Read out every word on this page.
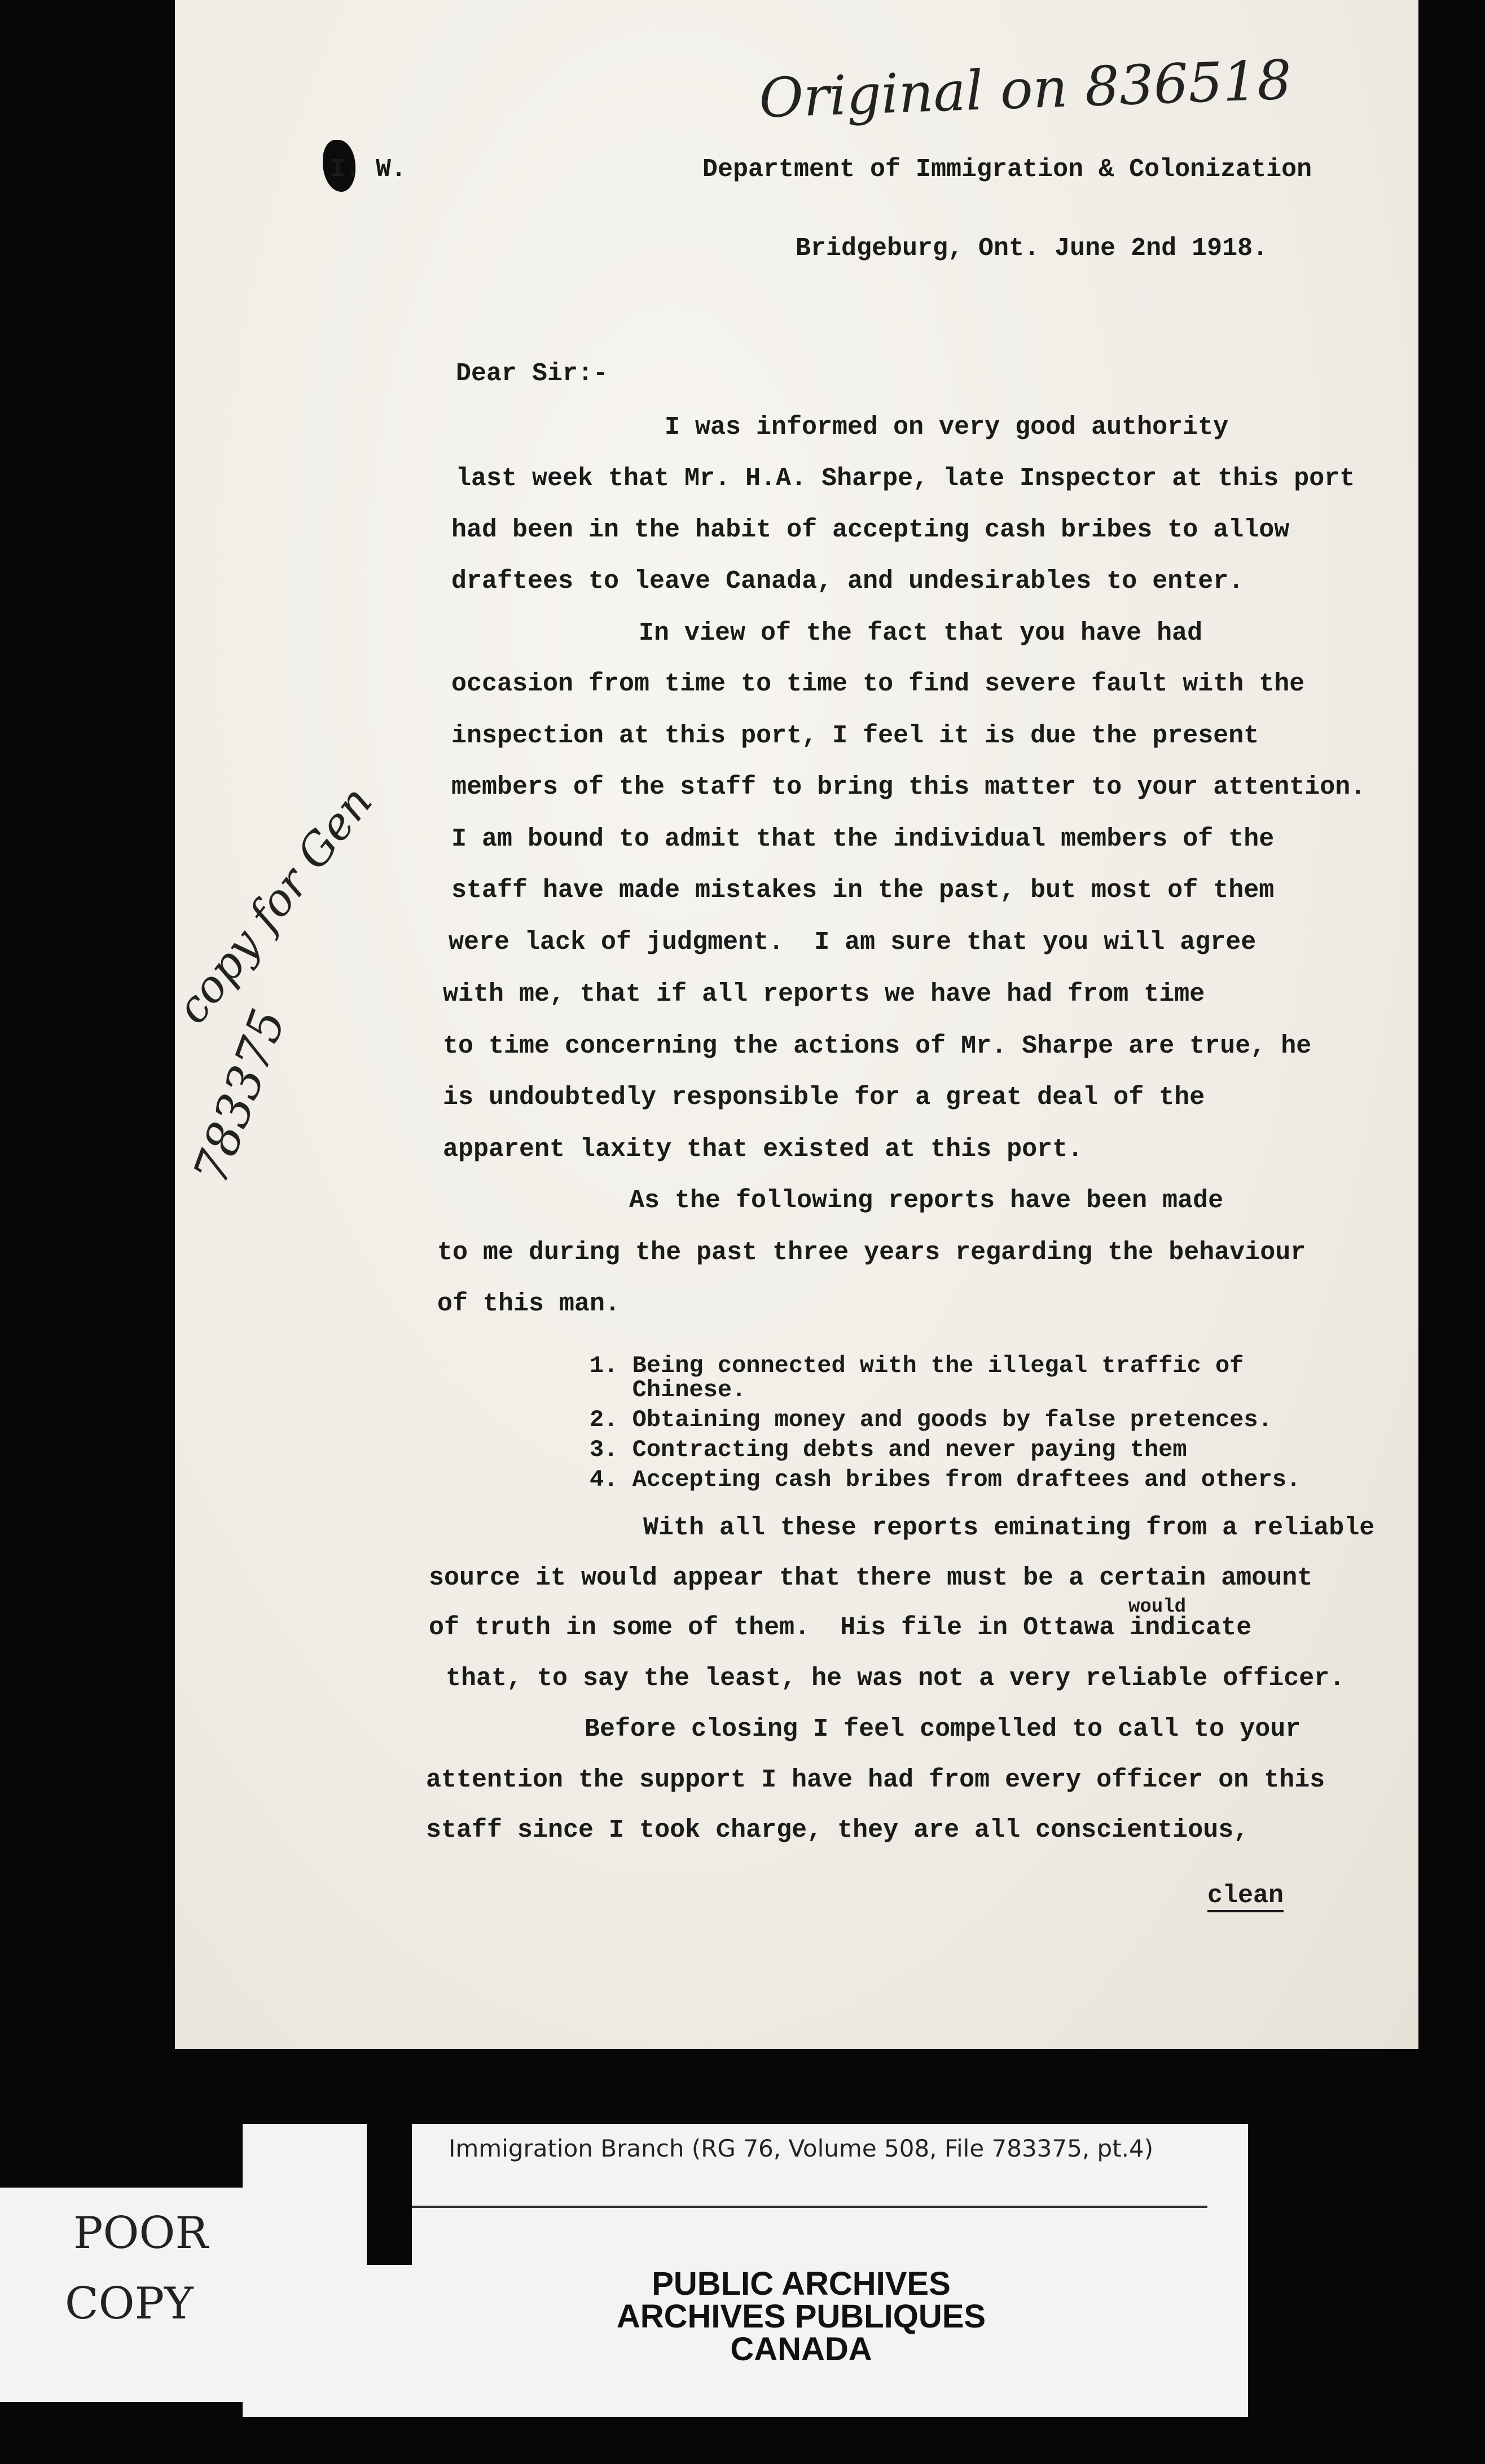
Original on 836518
I. W.	Department of Immigration & Colonization
Bridgeburg, Ont. June 2nd 1918.
Dear Sir:-
I was informed on very good authority
last week that Mr. H.A. Sharpe, late Inspector at this port
had been in the habit of accepting cash bribes to allow
draftees to leave Canada, and undesirables to enter.
In view of the fact that you have had
occasion from time to time to find severe fault with the
inspection at this port, I feel it is due the present
members of the staff to bring this matter to your attention.
I am bound to admit that the individual members of the
staff have made mistakes in the past, but most of them
were lack of judgment.  I am sure that you will agree
with me, that if all reports we have had from time
to time concerning the actions of Mr. Sharpe are true, he
is undoubtedly responsible for a great deal of the
apparent laxity that existed at this port.
As the following reports have been made
to me during the past three years regarding the behaviour
of this man.
1. Being connected with the illegal traffic of
Chinese.
2. Obtaining money and goods by false pretences.
3. Contracting debts and never paying them
4. Accepting cash bribes from draftees and others.
With all these reports eminating from a reliable
source it would appear that there must be a certain amount
of truth in some of them.  His file in Ottawa indicate
that, to say the least, he was not a very reliable officer.
Before closing I feel compelled to call to your
attention the support I have had from every officer on this
staff since I took charge, they are all conscientious,
would
clean
copy for Gen
783375
POOR
COPY
Immigration Branch (RG 76, Volume 508, File 783375, pt.4)
PUBLIC ARCHIVES
ARCHIVES PUBLIQUES
CANADA
